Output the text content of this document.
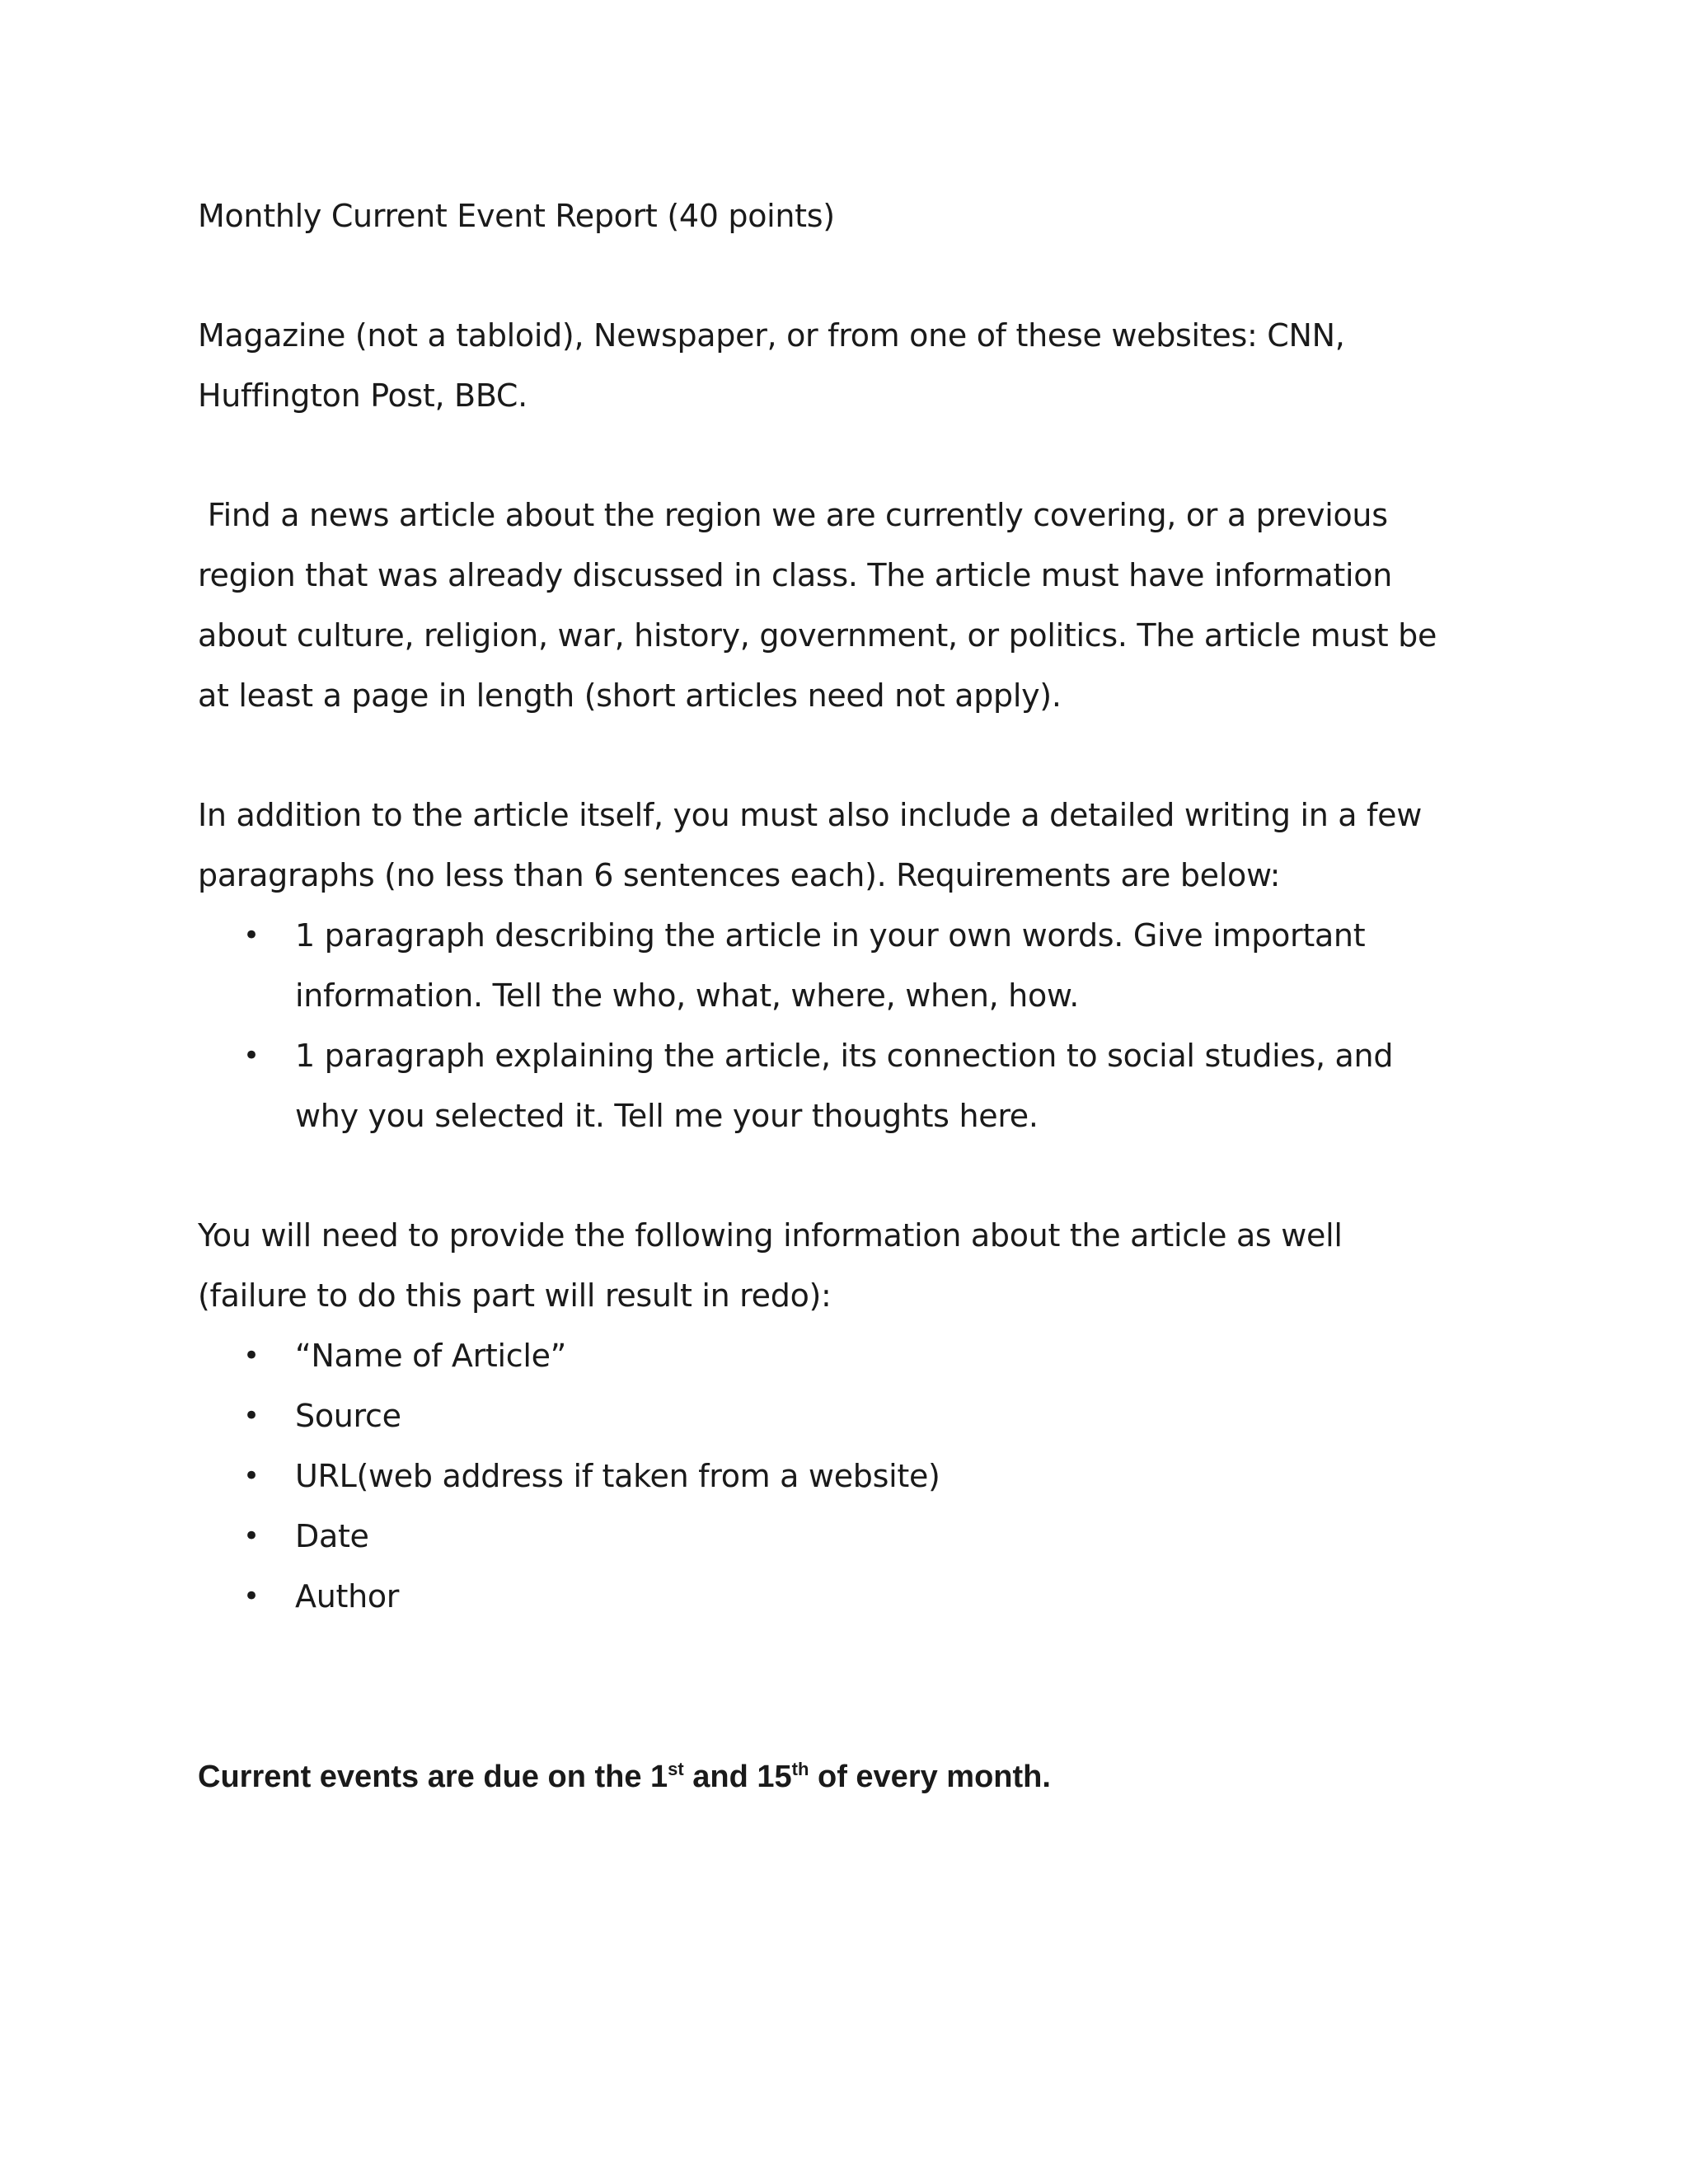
Monthly Current Event Report (40 points)
Magazine (not a tabloid), Newspaper, or from one of these websites: CNN,
Huffington Post, BBC.
Find a news article about the region we are currently covering, or a previous
region that was already discussed in class. The article must have information
about culture, religion, war, history, government, or politics. The article must be
at least a page in length (short articles need not apply).
In addition to the article itself, you must also include a detailed writing in a few
paragraphs (no less than 6 sentences each). Requirements are below:
• 1 paragraph describing the article in your own words. Give important
information. Tell the who, what, where, when, how.
• 1 paragraph explaining the article, its connection to social studies, and
why you selected it. Tell me your thoughts here.
You will need to provide the following information about the article as well
(failure to do this part will result in redo):
• “Name of Article”
• Source
• URL(web address if taken from a website)
• Date
• Author
Current events are due on the 1st and 15th of every month.
